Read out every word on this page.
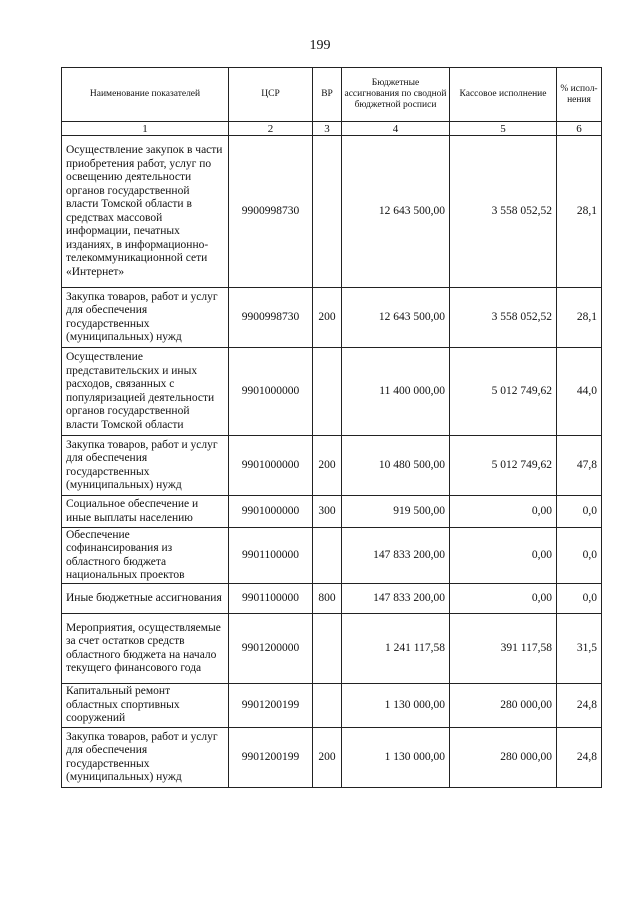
199
Наименование показателей	ЦСР	ВР	Бюджетные ассигнования по сводной бюджетной росписи	Кассовое исполнение	% испол-нения
1	2	3	4	5	6
Осуществление закупок в части приобретения работ, услуг по освещению деятельности органов государственной власти Томской области в средствах массовой информации, печатных изданиях, в информационно-телекоммуникационной сети «Интернет»	9900998730		12 643 500,00	3 558 052,52	28,1
Закупка товаров, работ и услуг для обеспечения государственных (муниципальных) нужд	9900998730	200	12 643 500,00	3 558 052,52	28,1
Осуществление представительских и иных расходов, связанных с популяризацией деятельности органов государственной власти Томской области	9901000000		11 400 000,00	5 012 749,62	44,0
Закупка товаров, работ и услуг для обеспечения государственных (муниципальных) нужд	9901000000	200	10 480 500,00	5 012 749,62	47,8
Социальное обеспечение и иные выплаты населению	9901000000	300	919 500,00	0,00	0,0
Обеспечение софинансирования из областного бюджета национальных проектов	9901100000		147 833 200,00	0,00	0,0
Иные бюджетные ассигнования	9901100000	800	147 833 200,00	0,00	0,0
Мероприятия, осуществляемые за счет остатков средств областного бюджета на начало текущего финансового года	9901200000		1 241 117,58	391 117,58	31,5
Капитальный ремонт областных спортивных сооружений	9901200199		1 130 000,00	280 000,00	24,8
Закупка товаров, работ и услуг для обеспечения государственных (муниципальных) нужд	9901200199	200	1 130 000,00	280 000,00	24,8
